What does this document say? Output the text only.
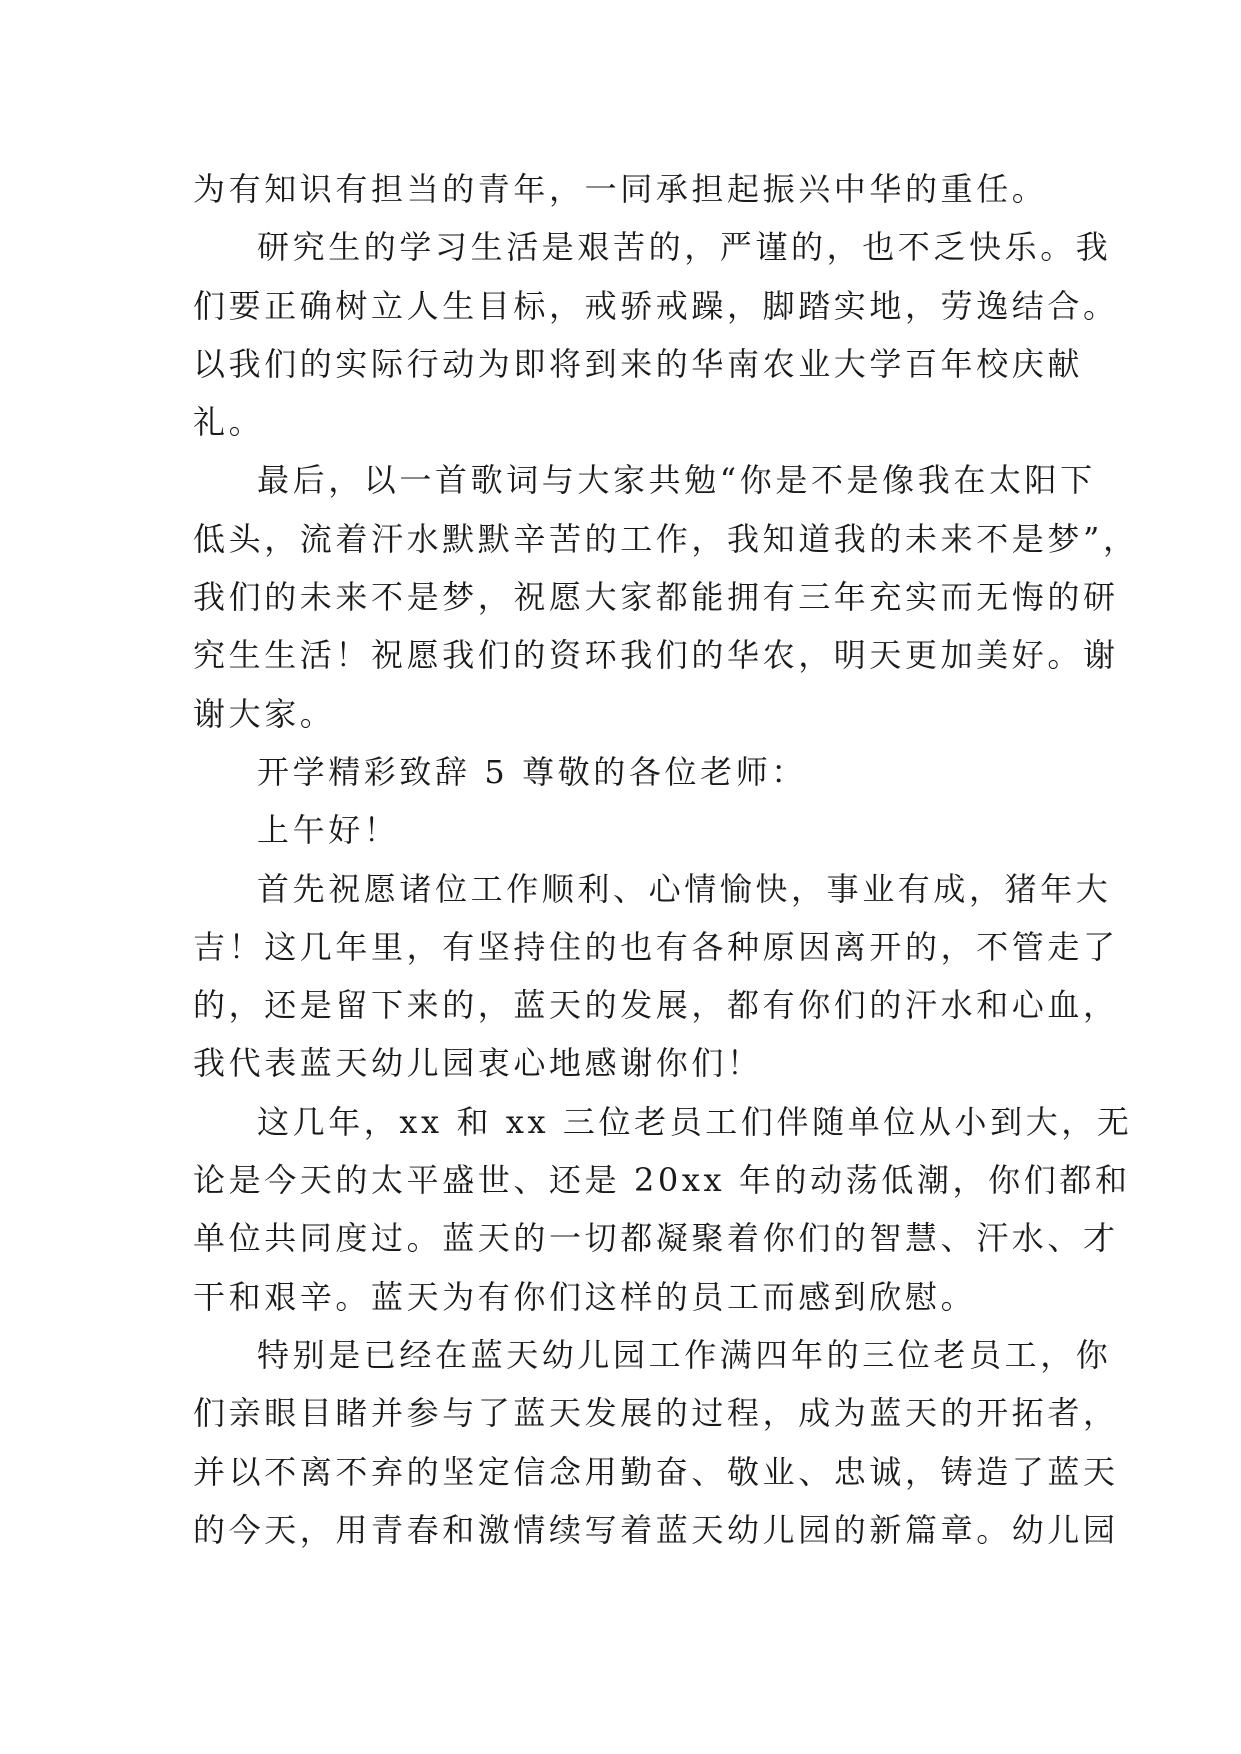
为有知识有担当的青年，一同承担起振兴中华的重任。
研究生的学习生活是艰苦的，严谨的，也不乏快乐。我
们要正确树立人生目标，戒骄戒躁，脚踏实地，劳逸结合。
以我们的实际行动为即将到来的华南农业大学百年校庆献
礼。
最后，以一首歌词与大家共勉“你是不是像我在太阳下
低头，流着汗水默默辛苦的工作，我知道我的未来不是梦”，
我们的未来不是梦，祝愿大家都能拥有三年充实而无悔的研
究生生活！祝愿我们的资环我们的华农，明天更加美好。谢
谢大家。
开学精彩致辞 5 尊敬的各位老师：
上午好！
首先祝愿诸位工作顺利、心情愉快，事业有成，猪年大
吉！这几年里，有坚持住的也有各种原因离开的，不管走了
的，还是留下来的，蓝天的发展，都有你们的汗水和心血，
我代表蓝天幼儿园衷心地感谢你们！
这几年，xx 和 xx 三位老员工们伴随单位从小到大，无
论是今天的太平盛世、还是 20xx 年的动荡低潮，你们都和
单位共同度过。蓝天的一切都凝聚着你们的智慧、汗水、才
干和艰辛。蓝天为有你们这样的员工而感到欣慰。
特别是已经在蓝天幼儿园工作满四年的三位老员工，你
们亲眼目睹并参与了蓝天发展的过程，成为蓝天的开拓者，
并以不离不弃的坚定信念用勤奋、敬业、忠诚，铸造了蓝天
的今天，用青春和激情续写着蓝天幼儿园的新篇章。幼儿园
